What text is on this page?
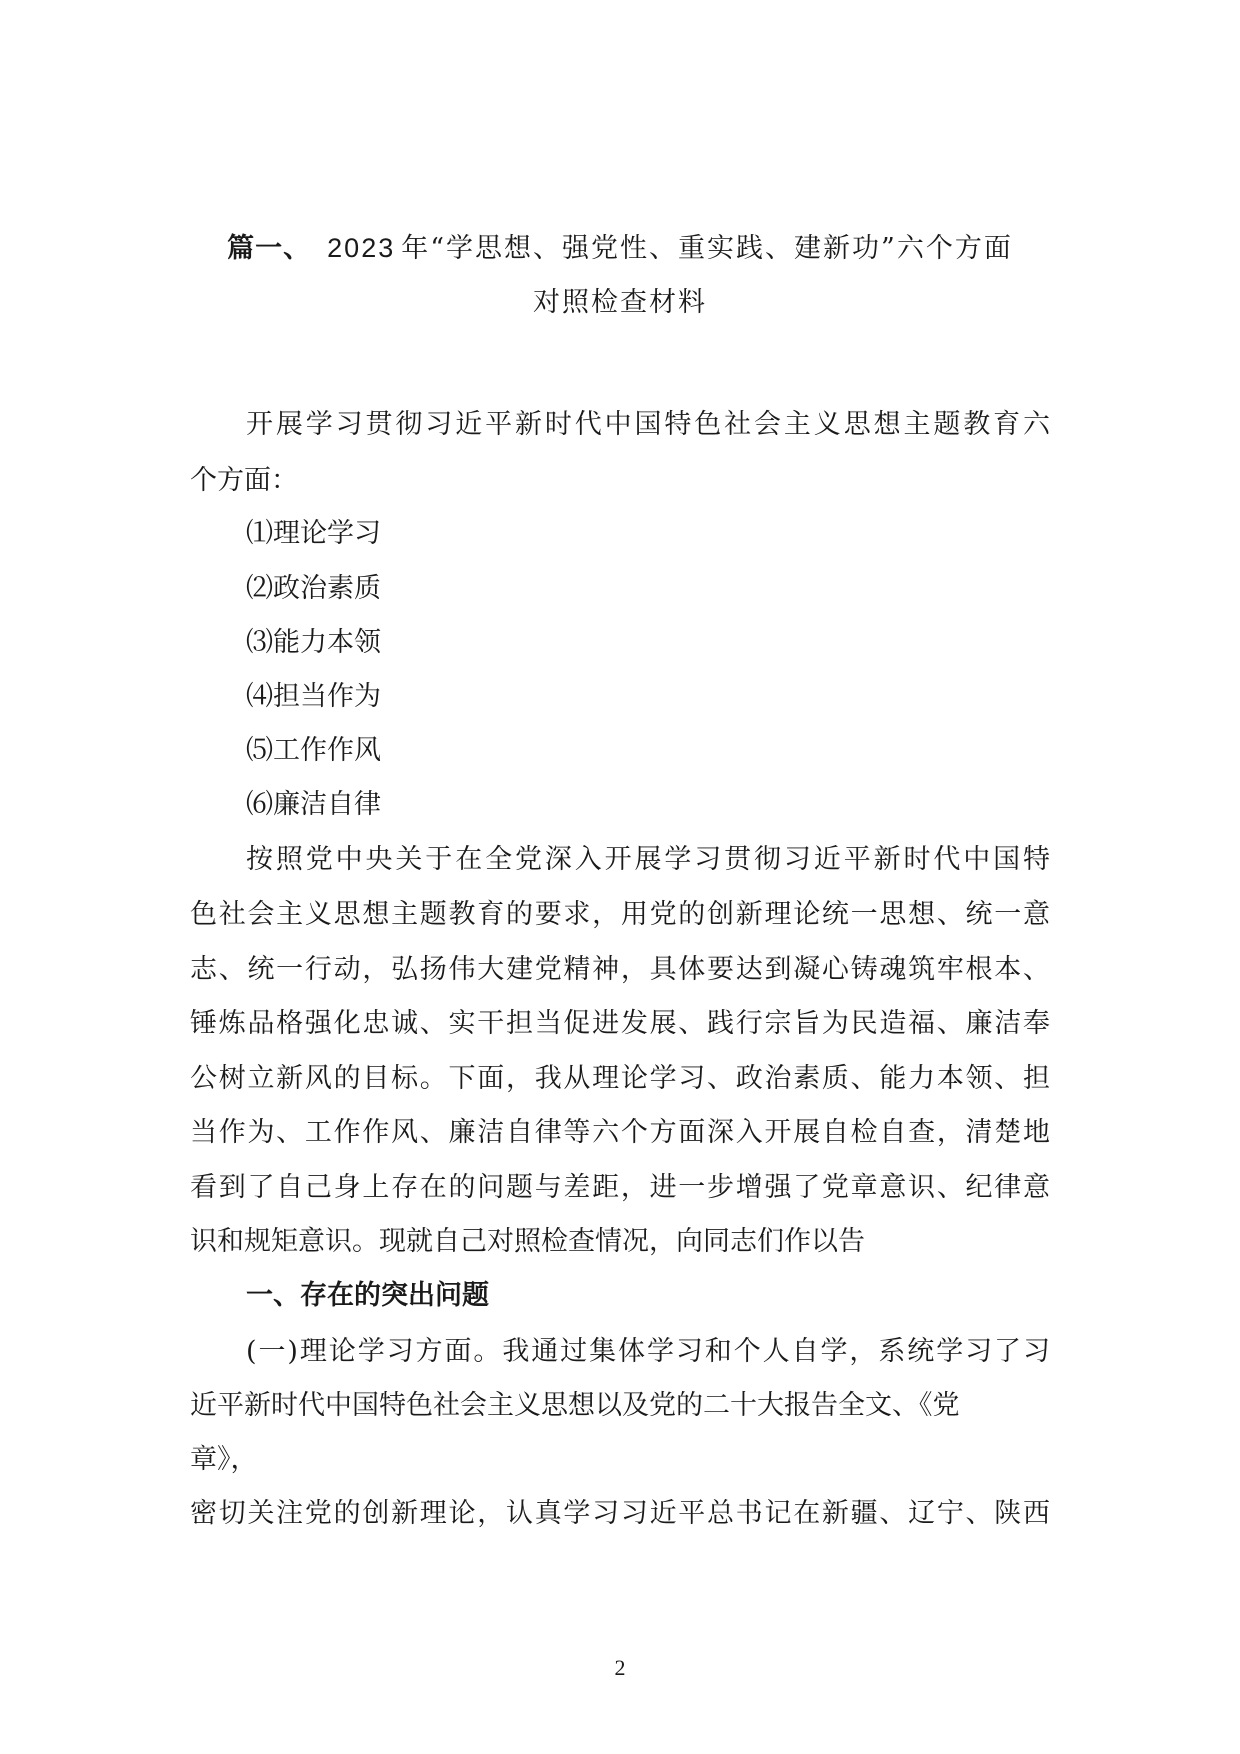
篇一、 2023 年“学思想、强党性、重实践、建新功”六个方面
对照检查材料
开展学习贯彻习近平新时代中国特色社会主义思想主题教育六
个方面：
⑴理论学习
⑵政治素质
⑶能力本领
⑷担当作为
⑸工作作风
⑹廉洁自律
按照党中央关于在全党深入开展学习贯彻习近平新时代中国特
色社会主义思想主题教育的要求，用党的创新理论统一思想、统一意
志、统一行动，弘扬伟大建党精神，具体要达到凝心铸魂筑牢根本、
锤炼品格强化忠诚、实干担当促进发展、践行宗旨为民造福、廉洁奉
公树立新风的目标。下面，我从理论学习、政治素质、能力本领、担
当作为、工作作风、廉洁自律等六个方面深入开展自检自查，清楚地
看到了自己身上存在的问题与差距，进一步增强了党章意识、纪律意
识和规矩意识。现就自己对照检查情况，向同志们作以告
一、存在的突出问题
(一)理论学习方面。我通过集体学习和个人自学，系统学习了习
近平新时代中国特色社会主义思想以及党的二十大报告全文、《党
章》，
密切关注党的创新理论，认真学习习近平总书记在新疆、辽宁、陕西
2
